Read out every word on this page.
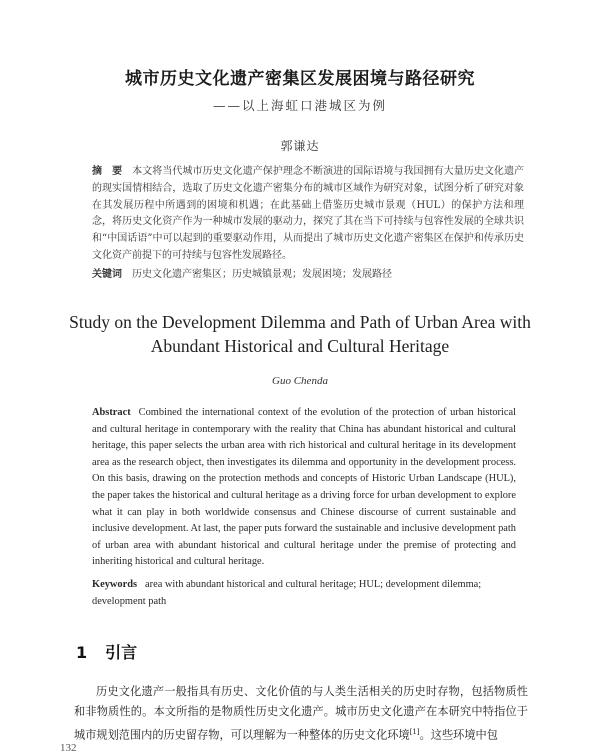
城市历史文化遗产密集区发展困境与路径研究
——以上海虹口港城区为例
郭谦达
摘　要 本文将当代城市历史文化遗产保护理念不断演进的国际语境与我国拥有大量历史文化遗产的现实国情相结合，选取了历史文化遗产密集分布的城市区域作为研究对象，试图分析了研究对象在其发展历程中所遇到的困境和机遇；在此基础上借鉴历史城市景观（HUL）的保护方法和理念，将历史文化资产作为一种城市发展的驱动力，探究了其在当下可持续与包容性发展的全球共识和“中国话语”中可以起到的重要驱动作用，从而提出了城市历史文化遗产密集区在保护和传承历史文化资产前提下的可持续与包容性发展路径。
关键词 历史文化遗产密集区；历史城镇景观；发展困境；发展路径
Study on the Development Dilemma and Path of Urban Area with Abundant Historical and Cultural Heritage
Guo Chenda
Abstract Combined the international context of the evolution of the protection of urban historical and cultural heritage in contemporary with the reality that China has abundant historical and cultural heritage, this paper selects the urban area with rich historical and cultural heritage in its development area as the research object, then investigates its dilemma and opportunity in the development process. On this basis, drawing on the protection methods and concepts of Historic Urban Landscape (HUL), the paper takes the historical and cultural heritage as a driving force for urban development to explore what it can play in both worldwide consensus and Chinese discourse of current sustainable and inclusive development. At last, the paper puts forward the sustainable and inclusive development path of urban area with abundant historical and cultural heritage under the premise of protecting and inheriting historical and cultural heritage.
Keywords area with abundant historical and cultural heritage; HUL; development dilemma; development path
1 引言
历史文化遗产一般指具有历史、文化价值的与人类生活相关的历史时存物，包括物质性和非物质性的。本文所指的是物质性历史文化遗产。城市历史文化遗产在本研究中特指位于城市规划范围内的历史留存物，可以理解为一种整体的历史文化环境[1]。这些环境中包
132
